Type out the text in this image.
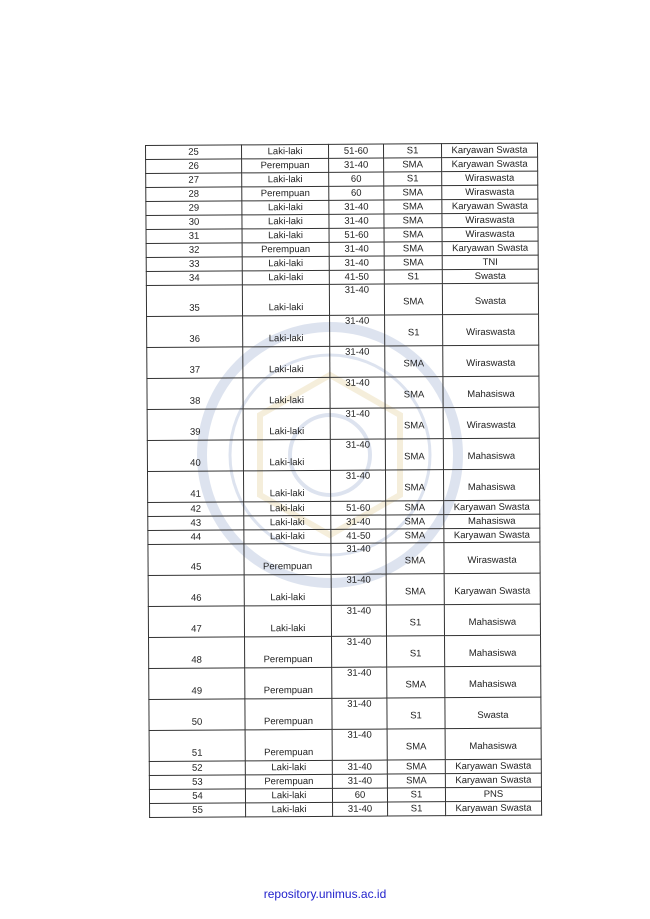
25	Laki-laki	51-60	S1	Karyawan Swasta
26	Perempuan	31-40	SMA	Karyawan Swasta
27	Laki-laki	60	S1	Wiraswasta
28	Perempuan	60	SMA	Wiraswasta
29	Laki-laki	31-40	SMA	Karyawan Swasta
30	Laki-laki	31-40	SMA	Wiraswasta
31	Laki-laki	51-60	SMA	Wiraswasta
32	Perempuan	31-40	SMA	Karyawan Swasta
33	Laki-laki	31-40	SMA	TNI
34	Laki-laki	41-50	S1	Swasta
35	Laki-laki	31-40	SMA	Swasta
36	Laki-laki	31-40	S1	Wiraswasta
37	Laki-laki	31-40	SMA	Wiraswasta
38	Laki-laki	31-40	SMA	Mahasiswa
39	Laki-laki	31-40	SMA	Wiraswasta
40	Laki-laki	31-40	SMA	Mahasiswa
41	Laki-laki	31-40	SMA	Mahasiswa
42	Laki-laki	51-60	SMA	Karyawan Swasta
43	Laki-laki	31-40	SMA	Mahasiswa
44	Laki-laki	41-50	SMA	Karyawan Swasta
45	Perempuan	31-40	SMA	Wiraswasta
46	Laki-laki	31-40	SMA	Karyawan Swasta
47	Laki-laki	31-40	S1	Mahasiswa
48	Perempuan	31-40	S1	Mahasiswa
49	Perempuan	31-40	SMA	Mahasiswa
50	Perempuan	31-40	S1	Swasta
51	Perempuan	31-40	SMA	Mahasiswa
52	Laki-laki	31-40	SMA	Karyawan Swasta
53	Perempuan	31-40	SMA	Karyawan Swasta
54	Laki-laki	60	S1	PNS
55	Laki-laki	31-40	S1	Karyawan Swasta
repository.unimus.ac.id
